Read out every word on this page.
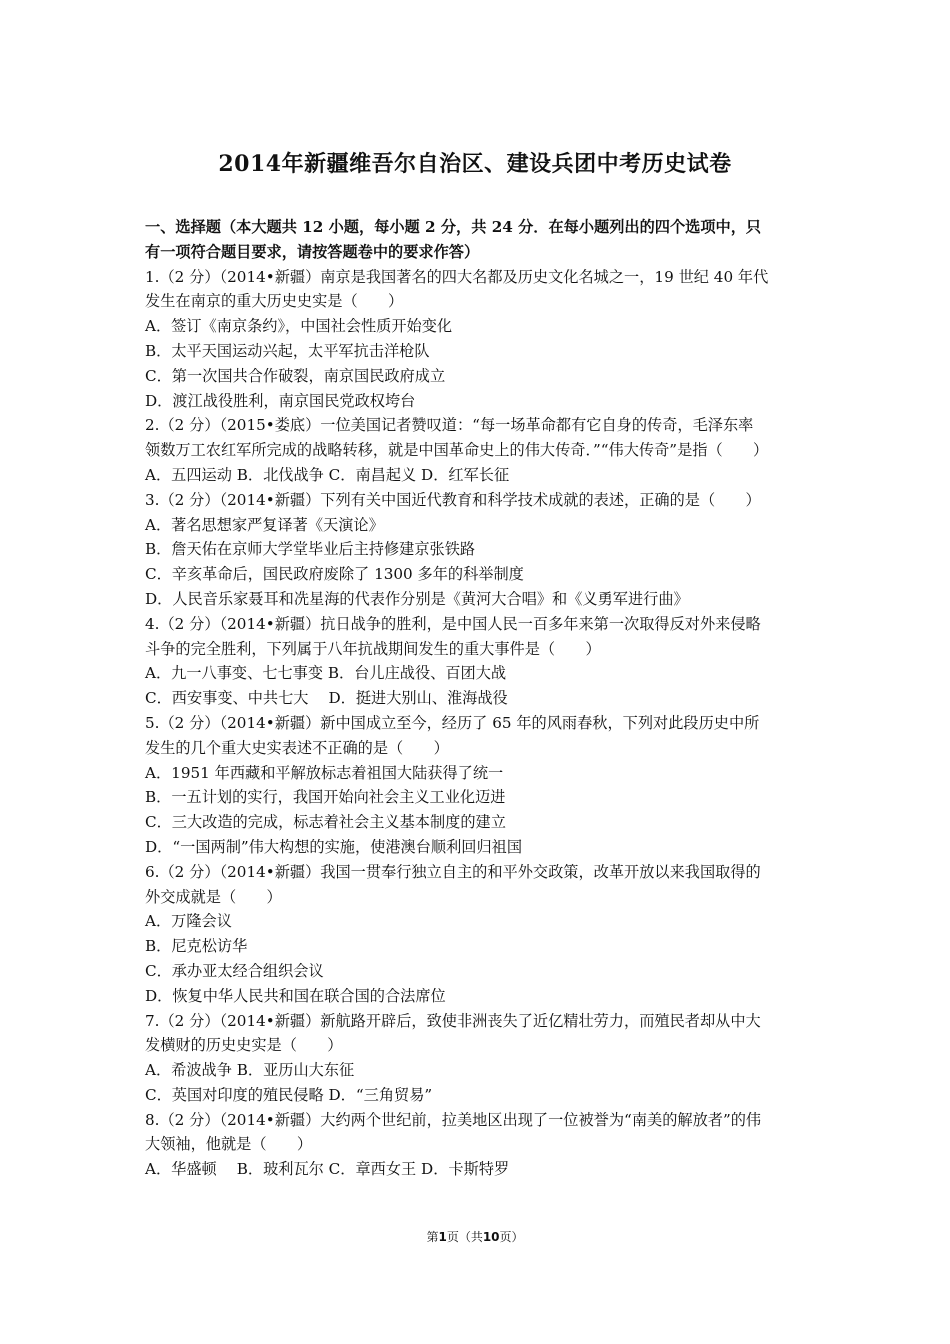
2014年新疆维吾尔自治区、建设兵团中考历史试卷
一、选择题（本大题共 12 小题，每小题 2 分，共 24 分．在每小题列出的四个选项中，只
有一项符合题目要求，请按答题卷中的要求作答）
1.（2 分）（2014•新疆）南京是我国著名的四大名都及历史文化名城之一，19 世纪 40 年代
发生在南京的重大历史史实是（　　）
A．签订《南京条约》，中国社会性质开始变化
B．太平天国运动兴起，太平军抗击洋枪队
C．第一次国共合作破裂，南京国民政府成立
D．渡江战役胜利，南京国民党政权垮台
2.（2 分）（2015•娄底）一位美国记者赞叹道：“每一场革命都有它自身的传奇，毛泽东率
领数万工农红军所完成的战略转移，就是中国革命史上的伟大传奇．”“伟大传奇”是指（　　）
A．五四运动 B．北伐战争 C．南昌起义 D．红军长征
3.（2 分）（2014•新疆）下列有关中国近代教育和科学技术成就的表述，正确的是（　　）
A．著名思想家严复译著《天演论》
B．詹天佑在京师大学堂毕业后主持修建京张铁路
C．辛亥革命后，国民政府废除了 1300 多年的科举制度
D．人民音乐家聂耳和冼星海的代表作分别是《黄河大合唱》和《义勇军进行曲》
4.（2 分）（2014•新疆）抗日战争的胜利，是中国人民一百多年来第一次取得反对外来侵略
斗争的完全胜利，下列属于八年抗战期间发生的重大事件是（　　）
A．九一八事变、七七事变 B．台儿庄战役、百团大战
C．西安事变、中共七大　 D．挺进大别山、淮海战役
5.（2 分）（2014•新疆）新中国成立至今，经历了 65 年的风雨春秋，下列对此段历史中所
发生的几个重大史实表述不正确的是（　　）
A．1951 年西藏和平解放标志着祖国大陆获得了统一
B．一五计划的实行，我国开始向社会主义工业化迈进
C．三大改造的完成，标志着社会主义基本制度的建立
D．“一国两制”伟大构想的实施，使港澳台顺利回归祖国
6.（2 分）（2014•新疆）我国一贯奉行独立自主的和平外交政策，改革开放以来我国取得的
外交成就是（　　）
A．万隆会议
B．尼克松访华
C．承办亚太经合组织会议
D．恢复中华人民共和国在联合国的合法席位
7.（2 分）（2014•新疆）新航路开辟后，致使非洲丧失了近亿精壮劳力，而殖民者却从中大
发横财的历史史实是（　　）
A．希波战争 B．亚历山大东征
C．英国对印度的殖民侵略 D．“三角贸易”
8.（2 分）（2014•新疆）大约两个世纪前，拉美地区出现了一位被誉为“南美的解放者”的伟
大领袖，他就是（　　）
A．华盛顿　 B．玻利瓦尔 C．章西女王 D．卡斯特罗
第1页（共10页）
